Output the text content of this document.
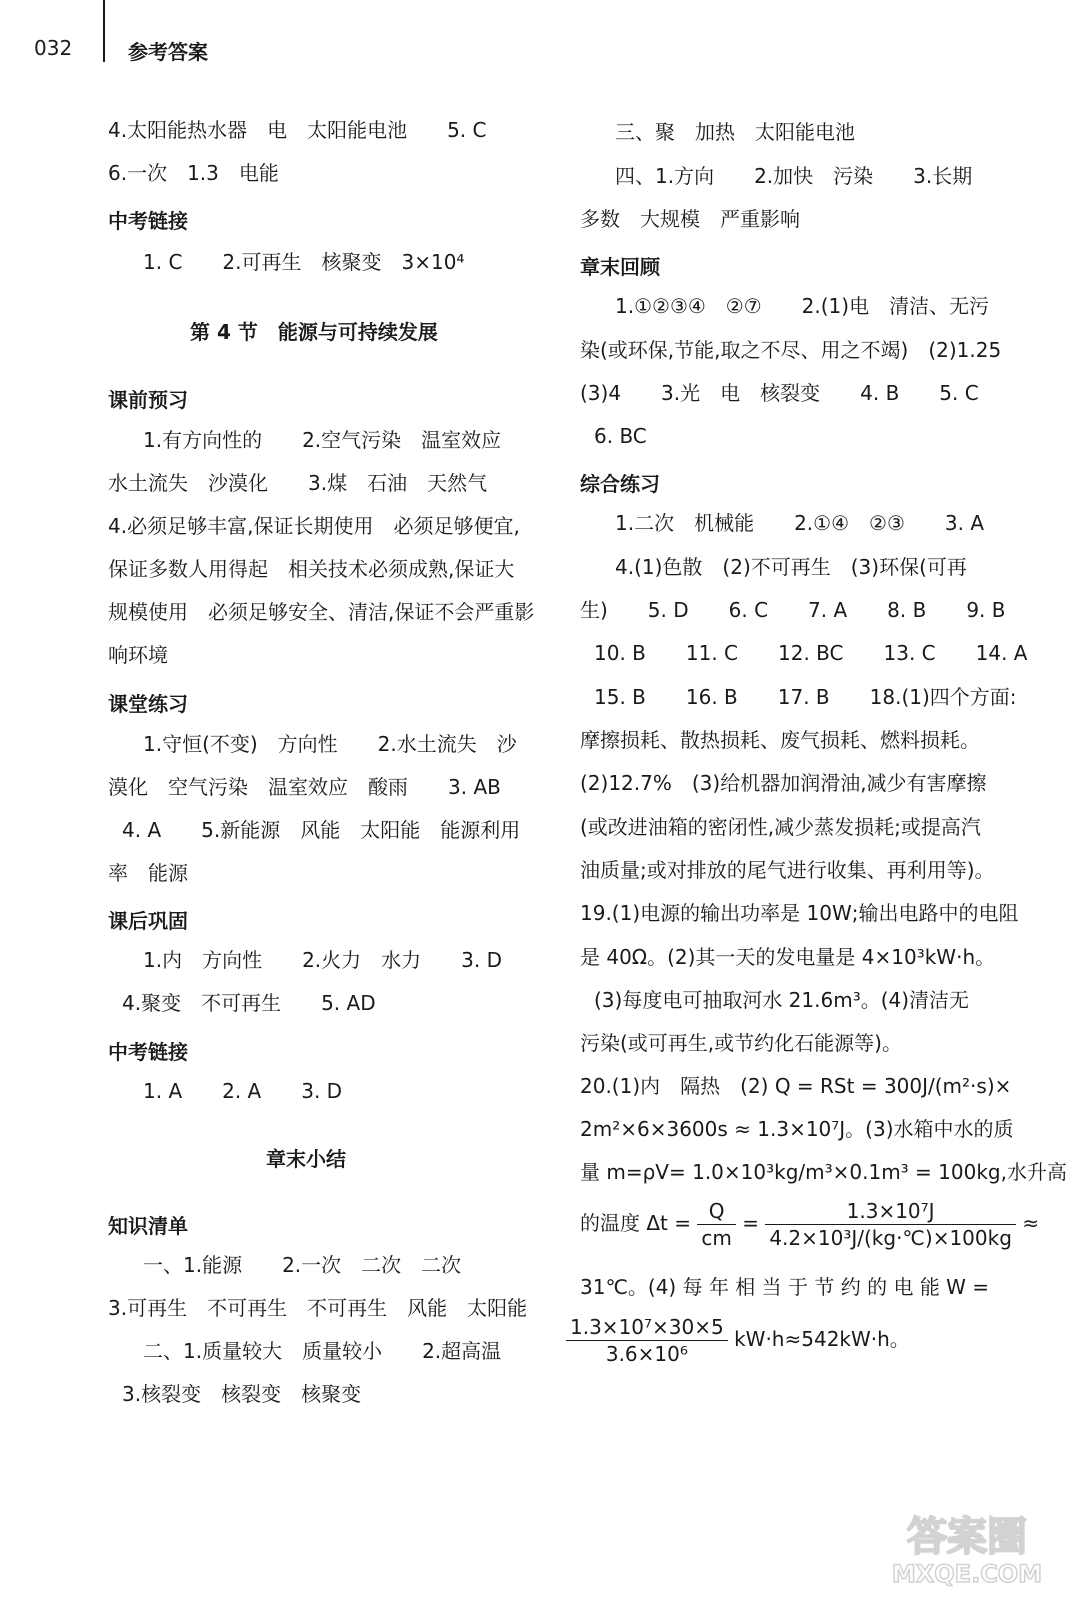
032	参考答案
4.太阳能热水器　电　太阳能电池　　5. C
6.一次　1.3　电能
中考链接
1. C　　2.可再生　核聚变　3×10⁴
第 4 节　能源与可持续发展
课前预习
1.有方向性的　　2.空气污染　温室效应
水土流失　沙漠化　　3.煤　石油　天然气
4.必须足够丰富,保证长期使用　必须足够便宜,
保证多数人用得起　相关技术必须成熟,保证大
规模使用　必须足够安全、清洁,保证不会严重影
响环境
课堂练习
1.守恒(不变)　方向性　　2.水土流失　沙
漠化　空气污染　温室效应　酸雨　　3. AB
4. A　　5.新能源　风能　太阳能　能源利用
率　能源
课后巩固
1.内　方向性　　2.火力　水力　　3. D
4.聚变　不可再生　　5. AD
中考链接
1. A　　2. A　　3. D
章末小结
知识清单
一、1.能源　　2.一次　二次　二次
3.可再生　不可再生　不可再生　风能　太阳能
二、1.质量较大　质量较小　　2.超高温
3.核裂变　核裂变　核聚变
三、聚　加热　太阳能电池
四、1.方向　　2.加快　污染　　3.长期
多数　大规模　严重影响
章末回顾
1.①②③④　②⑦　　2.(1)电　清洁、无污
染(或环保,节能,取之不尽、用之不竭)　(2)1.25
(3)4　　3.光　电　核裂变　　4. B　　5. C
6. BC
综合练习
1.二次　机械能　　2.①④　②③　　3. A
4.(1)色散　(2)不可再生　(3)环保(可再
生)　　5. D　　6. C　　7. A　　8. B　　9. B
10. B　　11. C　　12. BC　　13. C　　14. A
15. B　　16. B　　17. B　　18.(1)四个方面:
摩擦损耗、散热损耗、废气损耗、燃料损耗。
(2)12.7%　(3)给机器加润滑油,减少有害摩擦
(或改进油箱的密闭性,减少蒸发损耗;或提高汽
油质量;或对排放的尾气进行收集、再利用等)。
19.(1)电源的输出功率是 10W;输出电路中的电阻
是 40Ω。(2)其一天的发电量是 4×10³kW·h。
(3)每度电可抽取河水 21.6m³。(4)清洁无
污染(或可再生,或节约化石能源等)。
20.(1)内　隔热　(2) Q = RSt = 300J/(m²·s)×
2m²×6×3600s ≈ 1.3×10⁷J。(3)水箱中水的质
量 m=ρV= 1.0×10³kg/m³×0.1m³ = 100kg,水升高
的温度 $\Delta t = \frac{Q}{cm} = \frac{\text{1.3×10⁷J}}{\text{4.2×10³J/(kg·℃)×100kg}}$ ≈
31℃。(4) 每 年 相 当 于 节 约 的 电 能 W =
$\frac{\text{1.3×10⁷×30×5}}{\text{3.6×10⁶}} kW\cdot h\approx 542kW\cdot h$。
答案圈
MXQE.COM
